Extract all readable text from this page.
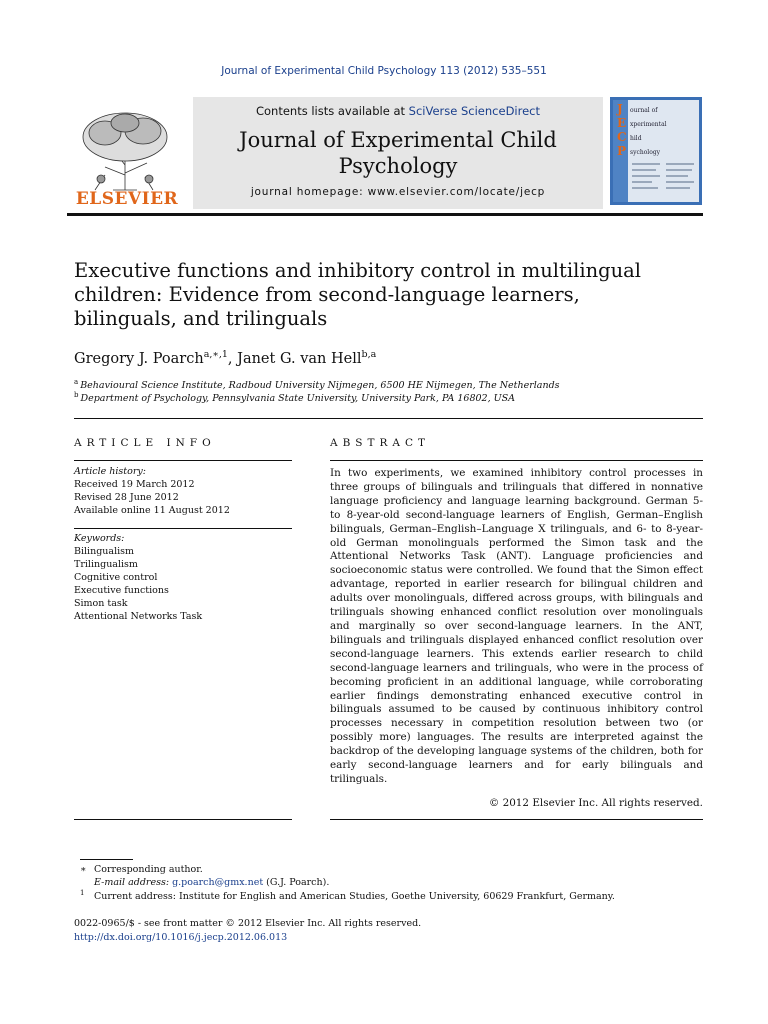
Journal of Experimental Child Psychology 113 (2012) 535–551
ELSEVIER
Contents lists available at SciVerse ScienceDirect
Journal of Experimental Child
Psychology
journal homepage: www.elsevier.com/locate/jecp
J
E
C
P
ournal of
xperimental
hild
sychology
Executive functions and inhibitory control in multilingual
children: Evidence from second-language learners,
bilinguals, and trilinguals
Gregory J. Poarch$^{a,∗,1}$, Janet G. van Hell$^{b,a}$
$^a$ Behavioural Science Institute, Radboud University Nijmegen, 6500 HE Nijmegen, The Netherlands
$^b$ Department of Psychology, Pennsylvania State University, University Park, PA 16802, USA
ARTICLE INFO	ABSTRACT
Article history:
Received 19 March 2012
Revised 28 June 2012
Available online 11 August 2012
Keywords:
Bilingualism
Trilingualism
Cognitive control
Executive functions
Simon task
Attentional Networks Task
In two experiments, we examined inhibitory control processes in three groups of bilinguals and trilinguals that differed in nonnative language proficiency and language learning background. German 5- to 8-year-old second-language learners of English, German–English bilinguals, German–English–Language X trilinguals, and 6- to 8-year-old German monolinguals performed the Simon task and the Attentional Networks Task (ANT). Language proficiencies and socioeconomic status were controlled. We found that the Simon effect advantage, reported in earlier research for bilingual children and adults over monolinguals, differed across groups, with bilinguals and trilinguals showing enhanced conflict resolution over monolinguals and marginally so over second-language learners. In the ANT, bilinguals and trilinguals displayed enhanced conflict resolution over second-language learners. This extends earlier research to child second-language learners and trilinguals, who were in the process of becoming proficient in an additional language, while corroborating earlier findings demonstrating enhanced executive control in bilinguals assumed to be caused by continuous inhibitory control processes necessary in competition resolution between two (or possibly more) languages. The results are interpreted against the backdrop of the developing language systems of the children, both for early second-language learners and for early bilinguals and trilinguals.
© 2012 Elsevier Inc. All rights reserved.
∗ Corresponding author.
E-mail address: g.poarch@gmx.net (G.J. Poarch).
1 Current address: Institute for English and American Studies, Goethe University, 60629 Frankfurt, Germany.
0022-0965/$ - see front matter © 2012 Elsevier Inc. All rights reserved.
http://dx.doi.org/10.1016/j.jecp.2012.06.013
